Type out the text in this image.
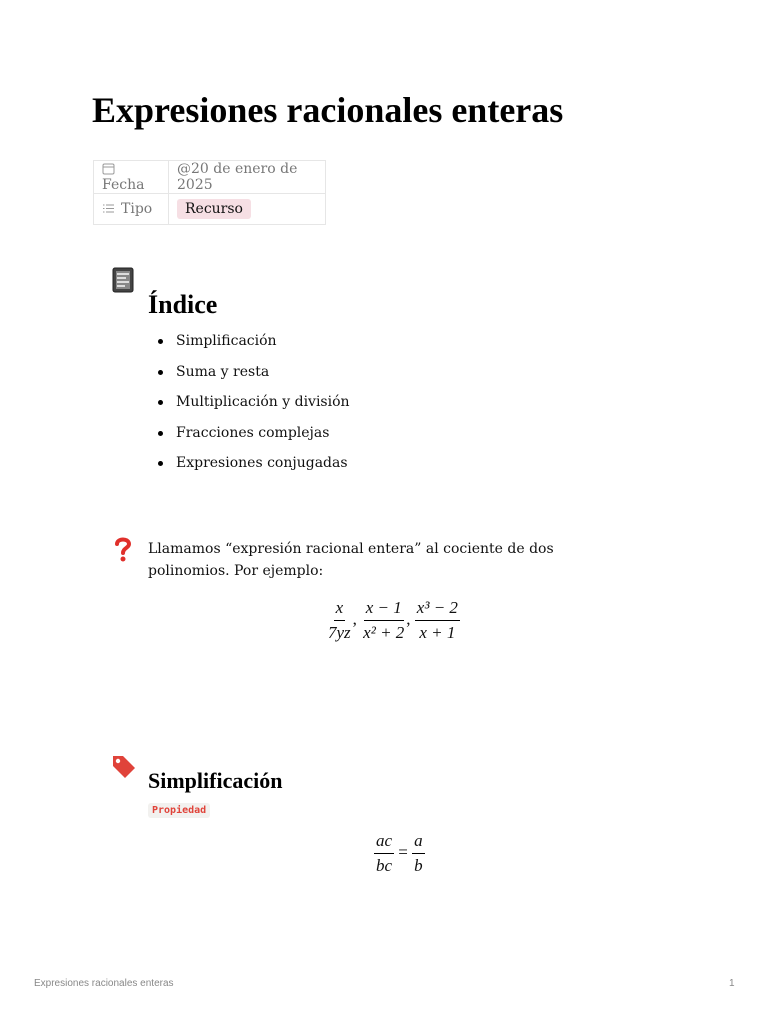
Expresiones racionales enteras
Fecha	@20 de enero de 2025
Tipo	Recurso
Índice
Simplificación
Suma y resta
Multiplicación y división
Fracciones complejas
Expresiones conjugadas

Llamamos “expresión racional entera” al cociente de dos polinomios. Por ejemplo:

$\frac{x}{7yz}$ , $\frac{x - 1}{\text{x² + 2}}$ , $\frac{\text{x³ − 2}}{x + 1}$
Simplificación
Propiedad
$\frac{ac}{bc} = \frac{a}{b}$
Expresiones racionales enteras	1
